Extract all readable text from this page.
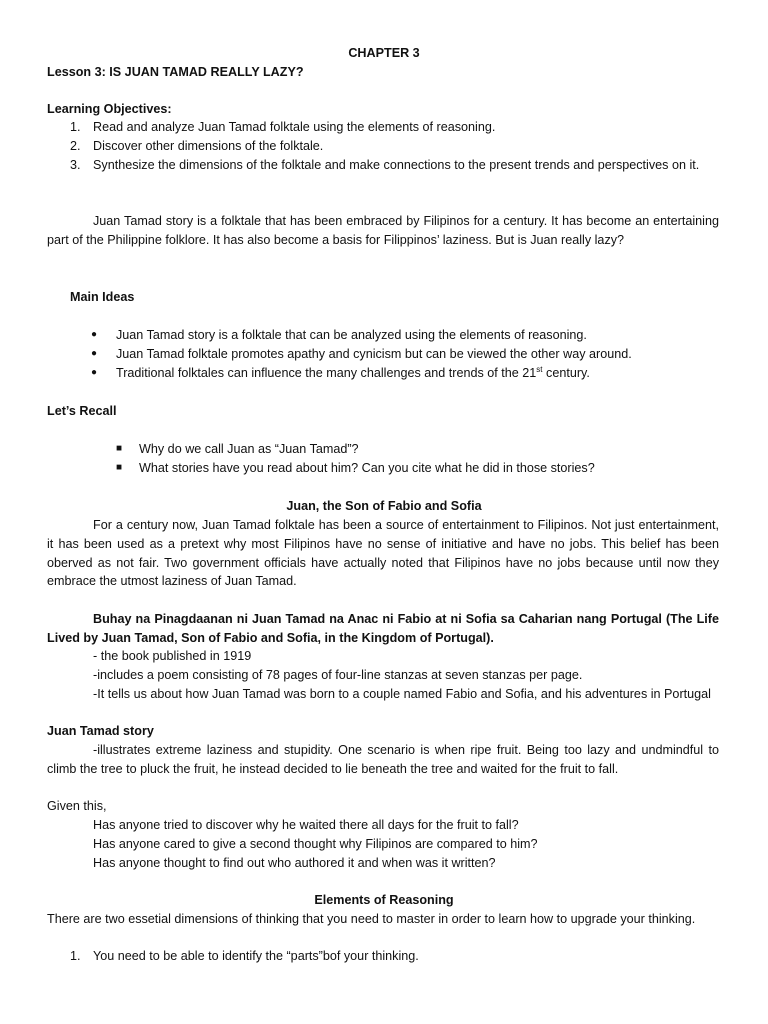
CHAPTER 3
Lesson 3: IS JUAN TAMAD REALLY LAZY?
Learning Objectives:
1. Read and analyze Juan Tamad folktale using the elements of reasoning.
2. Discover other dimensions of the folktale.
3. Synthesize the dimensions of the folktale and make connections to the present trends and perspectives on it.
Juan Tamad story is a folktale that has been embraced by Filipinos for a century. It has become an entertaining part of the Philippine folklore. It has also become a basis for Filippinos’ laziness. But is Juan really lazy?
Main Ideas
● Juan Tamad story is a folktale that can be analyzed using the elements of reasoning.
● Juan Tamad folktale promotes apathy and cynicism but can be viewed the other way around.
● Traditional folktales can influence the many challenges and trends of the 21st century.
Let’s Recall
■ Why do we call Juan as “Juan Tamad”?
■ What stories have you read about him? Can you cite what he did in those stories?
Juan, the Son of Fabio and Sofia
For a century now, Juan Tamad folktale has been a source of entertainment to Filipinos. Not just entertainment, it has been used as a pretext why most Filipinos have no sense of initiative and have no jobs. This belief has been oberved as not fair. Two government officials have actually noted that Filipinos have no jobs because until now they embrace the utmost laziness of Juan Tamad.
Buhay na Pinagdaanan ni Juan Tamad na Anac ni Fabio at ni Sofia sa Caharian nang Portugal (The Life Lived by Juan Tamad, Son of Fabio and Sofia, in the Kingdom of Portugal).
- the book published in 1919
-includes a poem consisting of 78 pages of four-line stanzas at seven stanzas per page.
-It tells us about how Juan Tamad was born to a couple named Fabio and Sofia, and his adventures in Portugal
Juan Tamad story
-illustrates extreme laziness and stupidity. One scenario is when ripe fruit. Being too lazy and undmindful to climb the tree to pluck the fruit, he instead decided to lie beneath the tree and waited for the fruit to fall.
Given this,
Has anyone tried to discover why he waited there all days for the fruit to fall?
Has anyone cared to give a second thought why Filipinos are compared to him?
Has anyone thought to find out who authored it and when was it written?
Elements of Reasoning
There are two essetial dimensions of thinking that you need to master in order to learn how to upgrade your thinking.
1. You need to be able to identify the “parts”bof your thinking.
